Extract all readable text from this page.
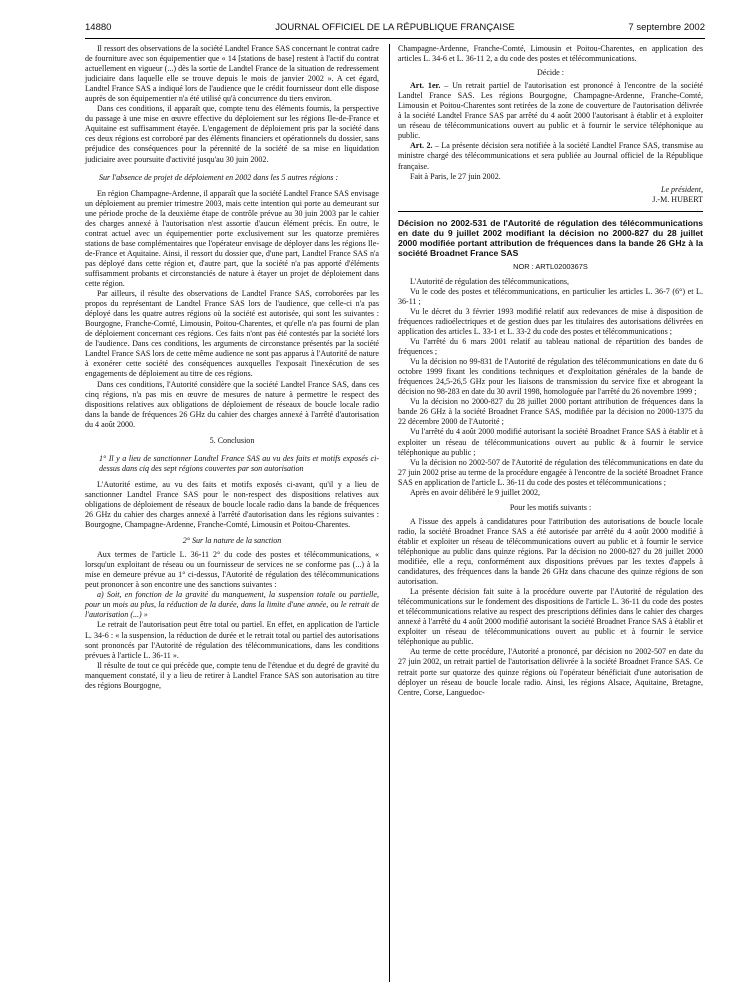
14880	JOURNAL OFFICIEL DE LA RÉPUBLIQUE FRANÇAISE	7 septembre 2002

Il ressort des observations de la société Landtel France SAS concernant le contrat cadre de fourniture avec son équipementier que « 14 [stations de base] restent à l'actif du contrat actuellement en vigueur (...) dès la sortie de Landtel France de la situation de redressement judiciaire dans laquelle elle se trouve depuis le mois de janvier 2002 ». A cet égard, Landtel France SAS a indiqué lors de l'audience que le crédit fournisseur dont elle dispose auprès de son équipementier n'a été utilisé qu'à concurrence du tiers environ.

Dans ces conditions, il apparaît que, compte tenu des éléments fournis, la perspective du passage à une mise en œuvre effective du déploiement sur les régions Ile-de-France et Aquitaine est suffisamment étayée. L'engagement de déploiement pris par la société dans ces deux régions est corroboré par des éléments financiers et opérationnels du dossier, sans préjudice des conséquences pour la pérennité de la société de sa mise en liquidation judiciaire avec poursuite d'activité jusqu'au 30 juin 2002.

Sur l'absence de projet de déploiement en 2002 dans les 5 autres régions :

En région Champagne-Ardenne, il apparaît que la société Landtel France SAS envisage un déploiement au premier trimestre 2003, mais cette intention qui porte au demeurant sur une période proche de la deuxième étape de contrôle prévue au 30 juin 2003 par le cahier des charges annexé à l'autorisation n'est assortie d'aucun élément précis. En outre, le contrat actuel avec un équipementier porte exclusivement sur les quatorze premières stations de base complémentaires que l'opérateur envisage de déployer dans les régions Ile-de-France et Aquitaine. Ainsi, il ressort du dossier que, d'une part, Landtel France SAS n'a pas déployé dans cette région et, d'autre part, que la société n'a pas apporté d'éléments suffisamment probants et circonstanciés de nature à étayer un projet de déploiement dans cette région.

Par ailleurs, il résulte des observations de Landtel France SAS, corroborées par les propos du représentant de Landtel France SAS lors de l'audience, que celle-ci n'a pas déployé dans les quatre autres régions où la société est autorisée, qui sont les suivantes : Bourgogne, Franche-Comté, Limousin, Poitou-Charentes, et qu'elle n'a pas fourni de plan de déploiement concernant ces régions. Ces faits n'ont pas été contestés par la société lors de l'audience. Dans ces conditions, les arguments de circonstance présentés par la société Landtel France SAS lors de cette même audience ne sont pas apparus à l'Autorité de nature à exonérer cette société des conséquences auxquelles l'exposait l'inexécution de ses engagements de déploiement au titre de ces régions.

Dans ces conditions, l'Autorité considère que la société Landtel France SAS, dans ces cinq régions, n'a pas mis en œuvre de mesures de nature à permettre le respect des dispositions relatives aux obligations de déploiement de réseaux de boucle locale radio dans la bande de fréquences 26 GHz du cahier des charges annexé à l'arrêté d'autorisation du 4 août 2000.

5. Conclusion

1° Il y a lieu de sanctionner Landtel France SAS au vu des faits et motifs exposés ci-dessus dans ciq des sept régions couvertes par son autorisation

L'Autorité estime, au vu des faits et motifs exposés ci-avant, qu'il y a lieu de sanctionner Landtel France SAS pour le non-respect des dispositions relatives aux obligations de déploiement de réseaux de boucle locale radio dans la bande de fréquences 26 GHz du cahier des charges annexé à l'arrêté d'autorisation dans les régions suivantes : Bourgogne, Champagne-Ardenne, Franche-Comté, Limousin et Poitou-Charentes.

2° Sur la nature de la sanction

Aux termes de l'article L. 36-11 2° du code des postes et télécommunications, « lorsqu'un exploitant de réseau ou un fournisseur de services ne se conforme pas (...) à la mise en demeure prévue au 1° ci-dessus, l'Autorité de régulation des télécommunications peut prononcer à son encontre une des sanctions suivantes :

a) Soit, en fonction de la gravité du manquement, la suspension totale ou partielle, pour un mois au plus, la réduction de la durée, dans la limite d'une année, ou le retrait de l'autorisation (...) »

Le retrait de l'autorisation peut être total ou partiel. En effet, en application de l'article L. 34-6 : « la suspension, la réduction de durée et le retrait total ou partiel des autorisations sont prononcés par l'Autorité de régulation des télécommunications, dans les conditions prévues à l'article L. 36-11 ».

Il résulte de tout ce qui précède que, compte tenu de l'étendue et du degré de gravité du manquement constaté, il y a lieu de retirer à Landtel France SAS son autorisation au titre des régions Bourgogne,

Champagne-Ardenne, Franche-Comté, Limousin et Poitou-Charentes, en application des articles L. 34-6 et L. 36-11 2, a du code des postes et télécommunications.

Décide :

Art. 1er. – Un retrait partiel de l'autorisation est prononcé à l'encontre de la société Landtel France SAS. Les régions Bourgogne, Champagne-Ardenne, Franche-Comté, Limousin et Poitou-Charentes sont retirées de la zone de couverture de l'autorisation délivrée à la société Landtel France SAS par arrêté du 4 août 2000 l'autorisant à établir et à exploiter un réseau de télécommunications ouvert au public et à fournir le service téléphonique au public.

Art. 2. – La présente décision sera notifiée à la société Landtel France SAS, transmise au ministre chargé des télécommunications et sera publiée au Journal officiel de la République française.

Fait à Paris, le 27 juin 2002.

Le président,

J.-M. HUBERT

Décision no 2002-531 de l'Autorité de régulation des télécommunications en date du 9 juillet 2002 modifiant la décision no 2000-827 du 28 juillet 2000 modifiée portant attribution de fréquences dans la bande 26 GHz à la société Broadnet France SAS

NOR : ARTL0200367S

L'Autorité de régulation des télécommunications,

Vu le code des postes et télécommunications, en particulier les articles L. 36-7 (6°) et L. 36-11 ;

Vu le décret du 3 février 1993 modifié relatif aux redevances de mise à disposition de fréquences radioélectriques et de gestion dues par les titulaires des autorisations délivrées en application des articles L. 33-1 et L. 33-2 du code des postes et télécommunications ;

Vu l'arrêté du 6 mars 2001 relatif au tableau national de répartition des bandes de fréquences ;

Vu la décision no 99-831 de l'Autorité de régulation des télécommunications en date du 6 octobre 1999 fixant les conditions techniques et d'exploitation générales de la bande de fréquences 24,5-26,5 GHz pour les liaisons de transmission du service fixe et abrogeant la décision no 98-283 en date du 30 avril 1998, homologuée par l'arrêté du 26 novembre 1999 ;

Vu la décision no 2000-827 du 28 juillet 2000 portant attribution de fréquences dans la bande 26 GHz à la société Broadnet France SAS, modifiée par la décision no 2000-1375 du 22 décembre 2000 de l'Autorité ;

Vu l'arrêté du 4 août 2000 modifié autorisant la société Broadnet France SAS à établir et à exploiter un réseau de télécommunications ouvert au public & à fournir le service téléphonique au public ;

Vu la décision no 2002-507 de l'Autorité de régulation des télécommunications en date du 27 juin 2002 prise au terme de la procédure engagée à l'encontre de la société Broadnet France SAS en application de l'article L. 36-11 du code des postes et télécommunications ;

Après en avoir délibéré le 9 juillet 2002,

Pour les motifs suivants :

A l'issue des appels à candidatures pour l'attribution des autorisations de boucle locale radio, la société Broadnet France SAS a été autorisée par arrêté du 4 août 2000 modifié à établir et exploiter un réseau de télécommunications ouvert au public et à fournir le service téléphonique au public dans quinze régions. Par la décision no 2000-827 du 28 juillet 2000 modifiée, elle a reçu, conformément aux dispositions prévues par les textes d'appels à candidatures, des fréquences dans la bande 26 GHz dans chacune des quinze régions de son autorisation.

La présente décision fait suite à la procédure ouverte par l'Autorité de régulation des télécommunications sur le fondement des dispositions de l'article L. 36-11 du code des postes et télécommunications relative au respect des prescriptions définies dans le cahier des charges annexé à l'arrêté du 4 août 2000 modifié autorisant la société Broadnet France SAS à établir et exploiter un réseau de télécommunications ouvert au public et à fournir le service téléphonique au public.

Au terme de cette procédure, l'Autorité a prononcé, par décision no 2002-507 en date du 27 juin 2002, un retrait partiel de l'autorisation délivrée à la société Broadnet France SAS. Ce retrait porte sur quatorze des quinze régions où l'opérateur bénéficiait d'une autorisation de déployer un réseau de boucle locale radio. Ainsi, les régions Alsace, Aquitaine, Bretagne, Centre, Corse, Languedoc-
